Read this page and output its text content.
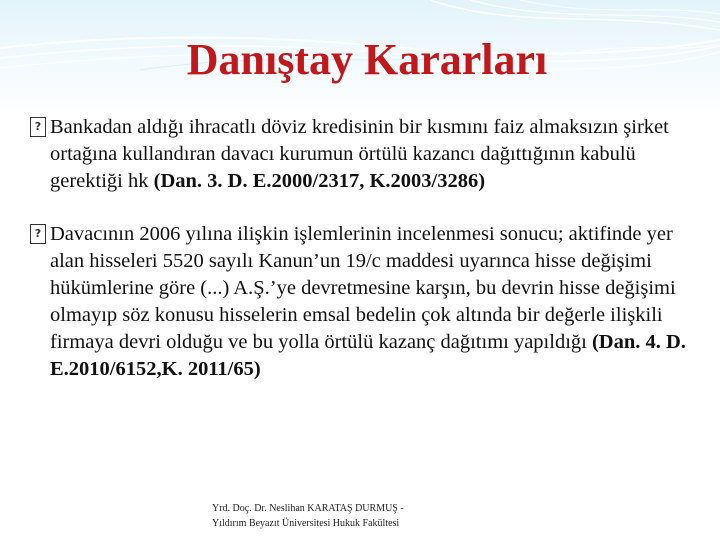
Danıştay Kararları

? Bankadan aldığı ihracatlı döviz kredisinin bir kısmını faiz almaksızın şirket ortağına kullandıran davacı kurumun örtülü kazancı dağıttığının kabulü gerektiği hk (Dan. 3. D. E.2000/2317, K.2003/3286)

? Davacının 2006 yılına ilişkin işlemlerinin incelenmesi sonucu; aktifinde yer alan hisseleri 5520 sayılı Kanun’un 19/c maddesi uyarınca hisse değişimi hükümlerine göre (...) A.Ş.’ye devretmesine karşın, bu devrin hisse değişimi olmayıp söz konusu hisselerin emsal bedelin çok altında bir değerle ilişkili firmaya devri olduğu ve bu yolla örtülü kazanç dağıtımı yapıldığı (Dan. 4. D. E.2010/6152,K. 2011/65)

Yrd. Doç. Dr. Neslihan KARATAŞ DURMUŞ -
Yıldırım Beyazıt Üniversitesi Hukuk Fakültesi
